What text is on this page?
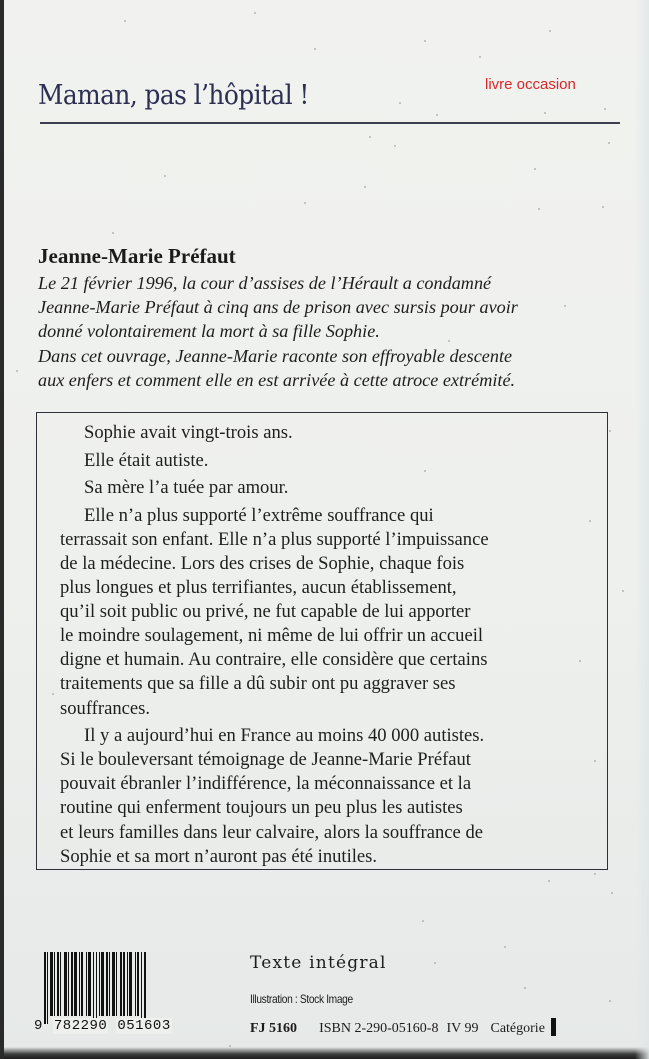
Maman, pas l’hôpital !	livre occasion
Jeanne-Marie Préfaut

Le 21 février 1996, la cour d’assises de l’Hérault a condamné

Jeanne-Marie Préfaut à cinq ans de prison avec sursis pour avoir

donné volontairement la mort à sa fille Sophie.

Dans cet ouvrage, Jeanne-Marie raconte son effroyable descente

aux enfers et comment elle en est arrivée à cette atroce extrémité.

Sophie avait vingt-trois ans.
Elle était autiste.
Sa mère l’a tuée par amour.
Elle n’a plus supporté l’extrême souffrance qui
terrassait son enfant. Elle n’a plus supporté l’impuissance
de la médecine. Lors des crises de Sophie, chaque fois
plus longues et plus terrifiantes, aucun établissement,
qu’il soit public ou privé, ne fut capable de lui apporter
le moindre soulagement, ni même de lui offrir un accueil
digne et humain. Au contraire, elle considère que certains
traitements que sa fille a dû subir ont pu aggraver ses
souffrances.
Il y a aujourd’hui en France au moins 40 000 autistes.
Si le bouleversant témoignage de Jeanne-Marie Préfaut
pouvait ébranler l’indifférence, la méconnaissance et la
routine qui enferment toujours un peu plus les autistes
et leurs familles dans leur calvaire, alors la souffrance de
Sophie et sa mort n’auront pas été inutiles.
9 782290 051603
Texte intégral
Illustration : Stock Image
FJ 5160 ISBN 2-290-05160-8 IV 99 Catégorie
